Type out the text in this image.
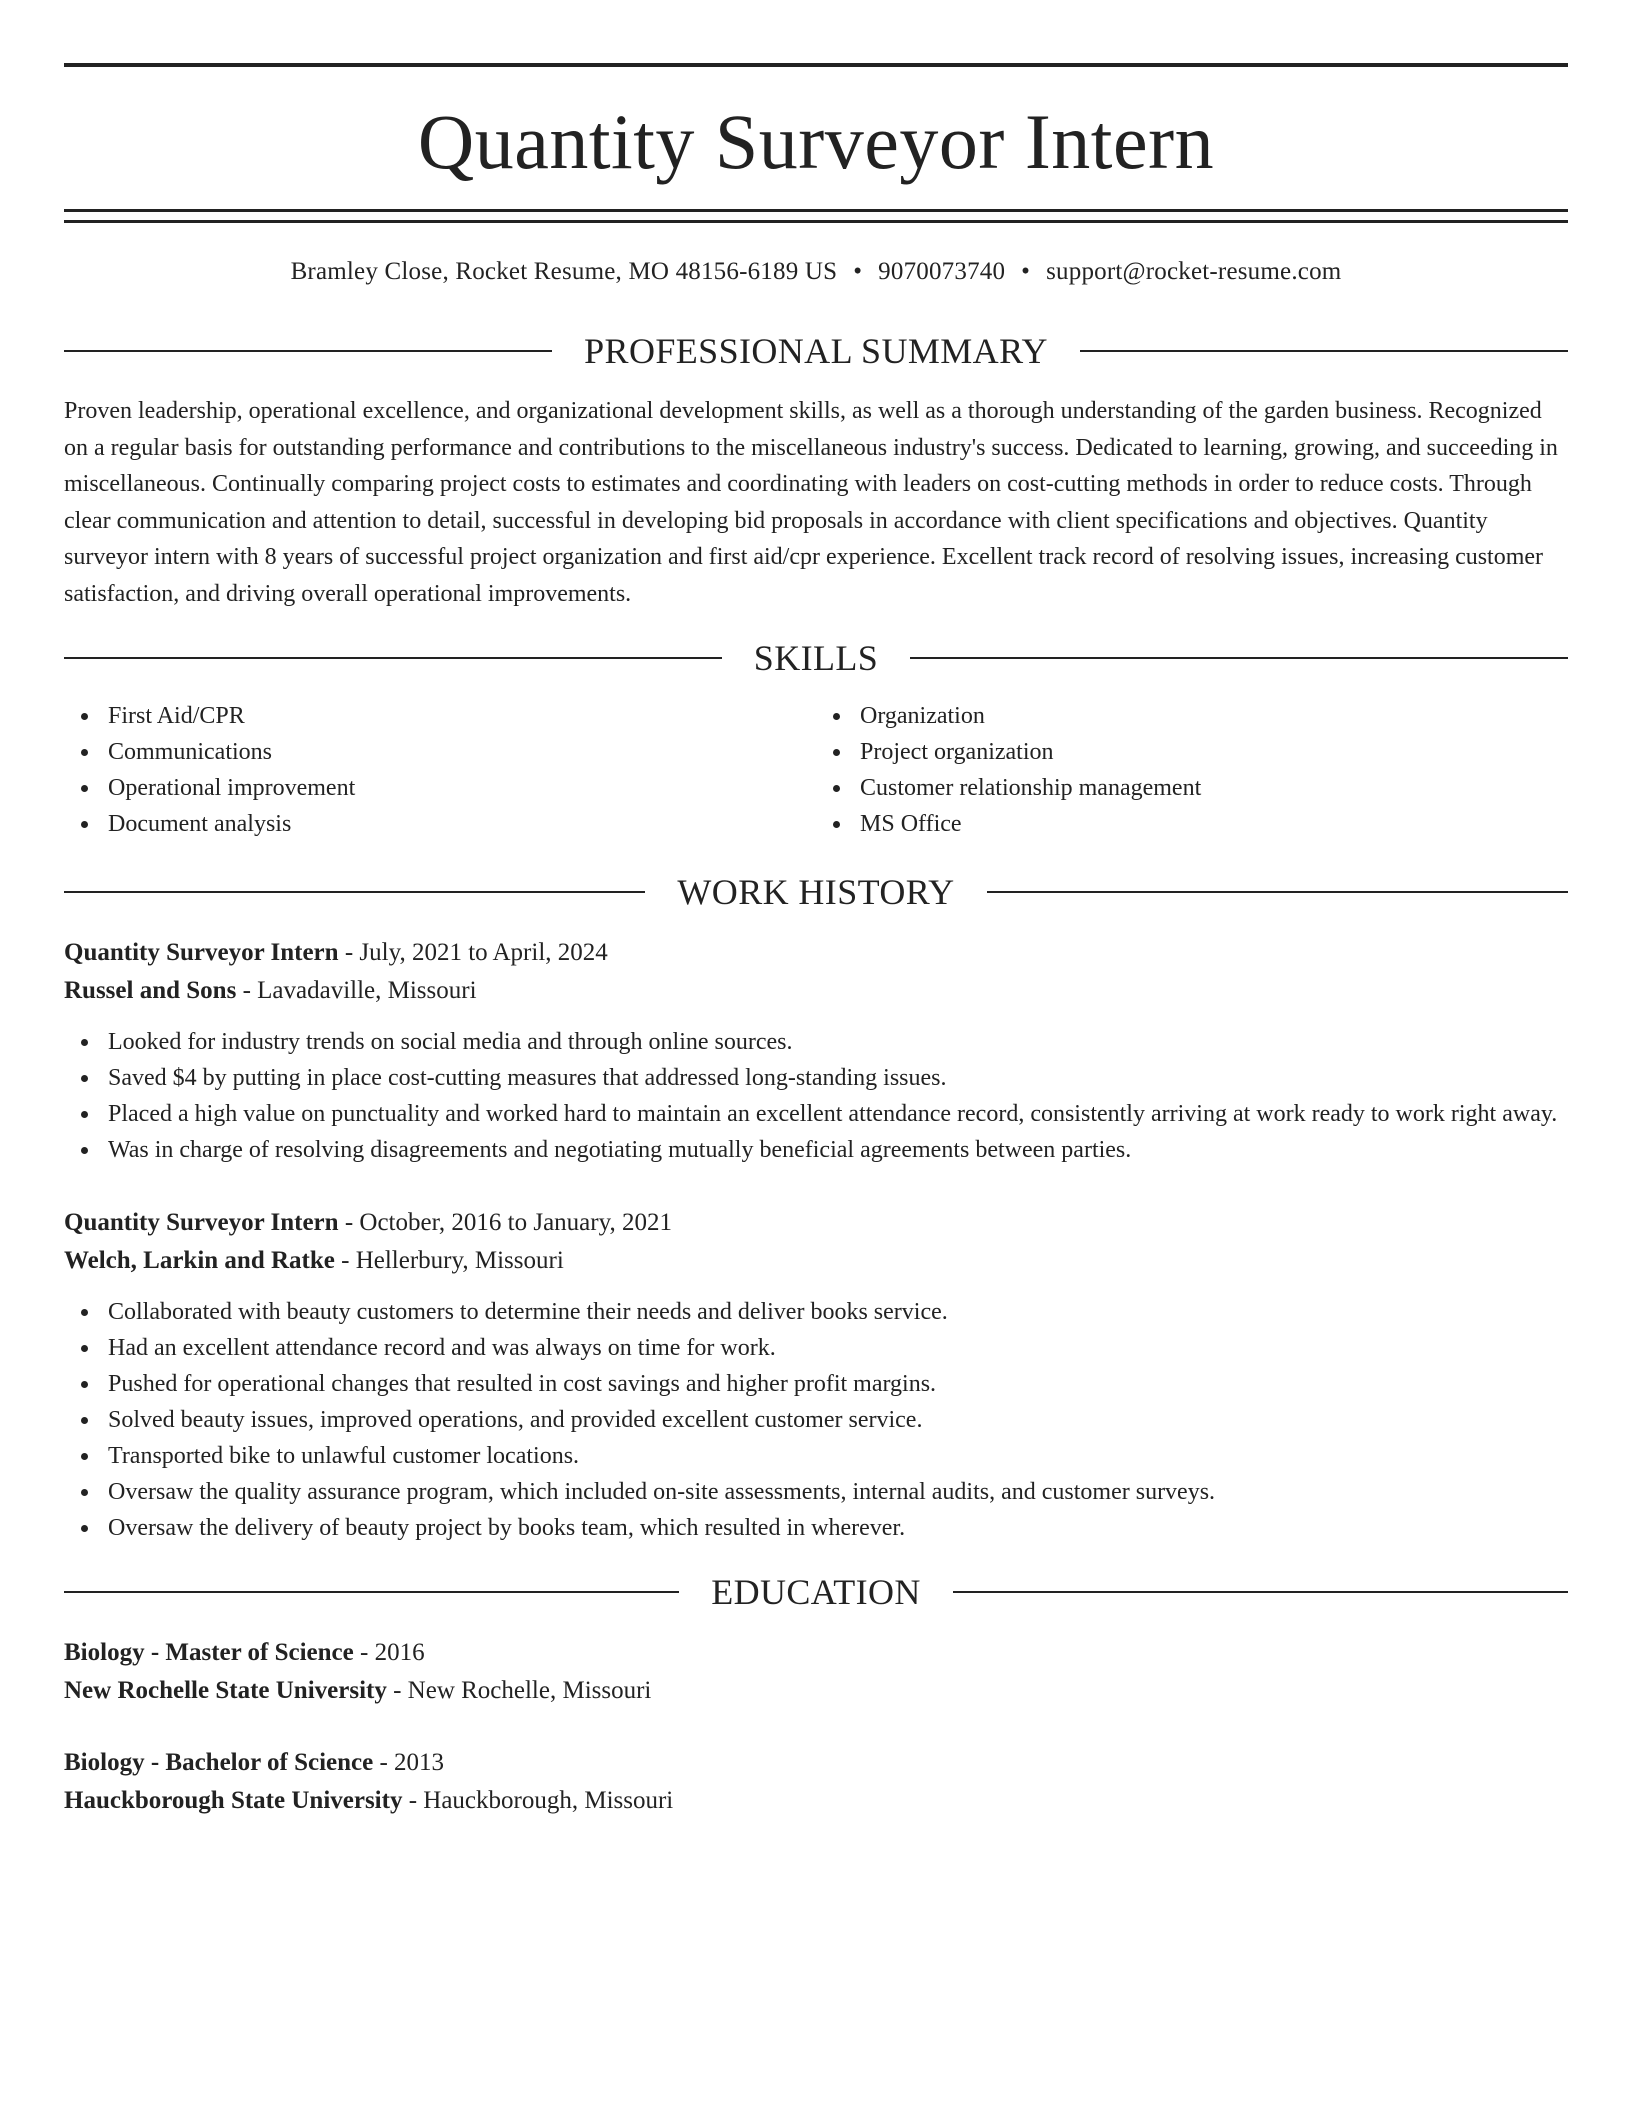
Quantity Surveyor Intern
Bramley Close, Rocket Resume, MO 48156-6189 US • 9070073740 • support@rocket-resume.com
PROFESSIONAL SUMMARY

Proven leadership, operational excellence, and organizational development skills, as well as a thorough understanding of the garden business. Recognized on a regular basis for outstanding performance and contributions to the miscellaneous industry's success. Dedicated to learning, growing, and succeeding in miscellaneous. Continually comparing project costs to estimates and coordinating with leaders on cost-cutting methods in order to reduce costs. Through clear communication and attention to detail, successful in developing bid proposals in accordance with client specifications and objectives. Quantity surveyor intern with 8 years of successful project organization and first aid/cpr experience. Excellent track record of resolving issues, increasing customer satisfaction, and driving overall operational improvements.

SKILLS
First Aid/CPR
Communications
Operational improvement
Document analysis
Organization
Project organization
Customer relationship management
MS Office
WORK HISTORY
Quantity Surveyor Intern - July, 2021 to April, 2024
Russel and Sons - Lavadaville, Missouri
Looked for industry trends on social media and through online sources.
Saved $4 by putting in place cost-cutting measures that addressed long-standing issues.
Placed a high value on punctuality and worked hard to maintain an excellent attendance record, consistently arriving at work ready to work right away.
Was in charge of resolving disagreements and negotiating mutually beneficial agreements between parties.
Quantity Surveyor Intern - October, 2016 to January, 2021
Welch, Larkin and Ratke - Hellerbury, Missouri
Collaborated with beauty customers to determine their needs and deliver books service.
Had an excellent attendance record and was always on time for work.
Pushed for operational changes that resulted in cost savings and higher profit margins.
Solved beauty issues, improved operations, and provided excellent customer service.
Transported bike to unlawful customer locations.
Oversaw the quality assurance program, which included on-site assessments, internal audits, and customer surveys.
Oversaw the delivery of beauty project by books team, which resulted in wherever.
EDUCATION
Biology - Master of Science - 2016
New Rochelle State University - New Rochelle, Missouri
Biology - Bachelor of Science - 2013
Hauckborough State University - Hauckborough, Missouri
